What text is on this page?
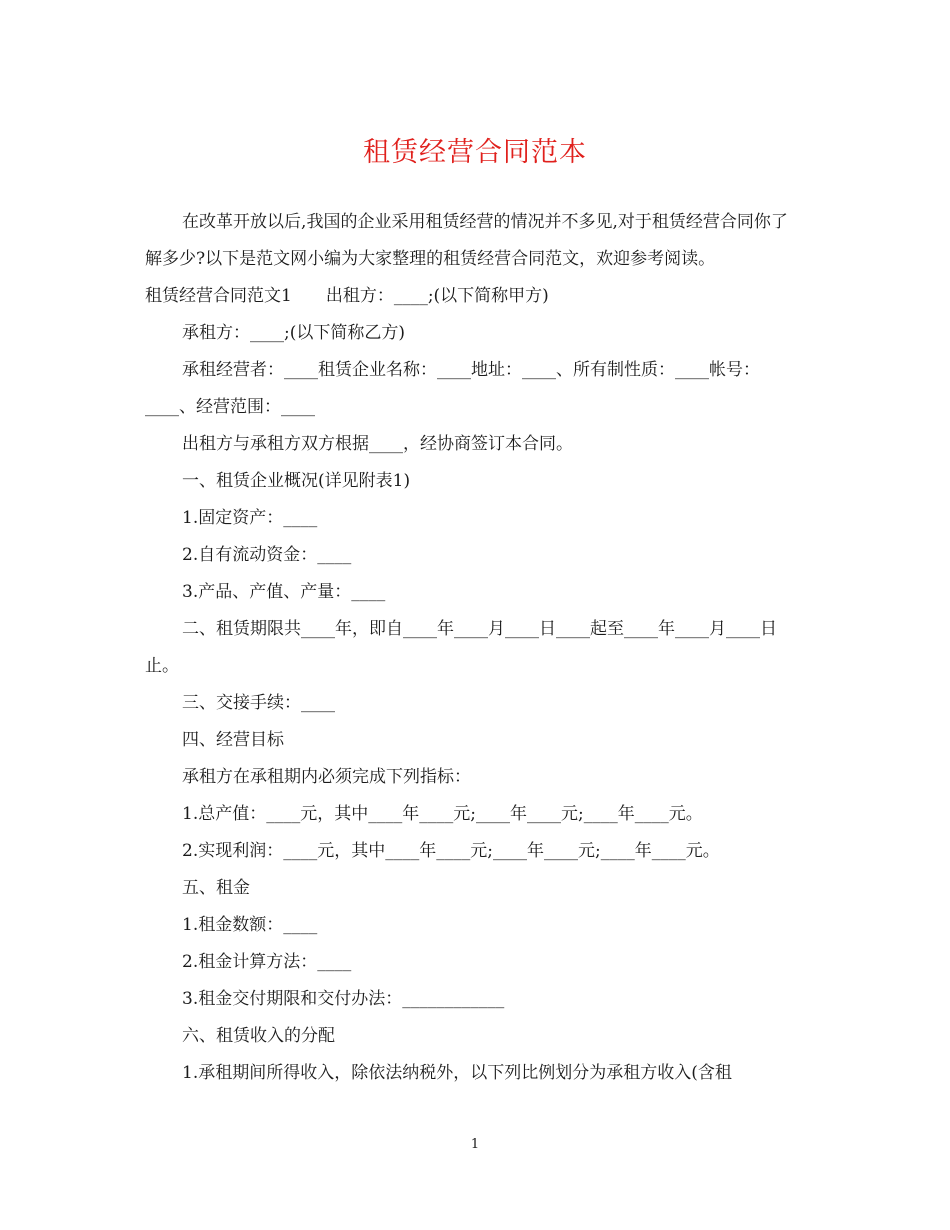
租赁经营合同范本

在改革开放以后,我国的企业采用租赁经营的情况并不多见,对于租赁经营合同你了解多少?以下是范文网小编为大家整理的租赁经营合同范文，欢迎参考阅读。

租赁经营合同范文1　　出租方：____;(以下简称甲方)

承租方：____;(以下简称乙方)

承租经营者：____租赁企业名称：____地址：____、所有制性质：____帐号：____、经营范围：____

出租方与承租方双方根据____，经协商签订本合同。

一、租赁企业概况(详见附表1)

1.固定资产：____

2.自有流动资金：____

3.产品、产值、产量：____

二、租赁期限共____年，即自____年____月____日____起至____年____月____日止。

三、交接手续：____

四、经营目标

承租方在承租期内必须完成下列指标：

1.总产值：____元，其中____年____元;____年____元;____年____元。

2.实现利润：____元，其中____年____元;____年____元;____年____元。

五、租金

1.租金数额：____

2.租金计算方法：____

3.租金交付期限和交付办法：____________

六、租赁收入的分配

1.承租期间所得收入，除依法纳税外，以下列比例划分为承租方收入(含租

1
